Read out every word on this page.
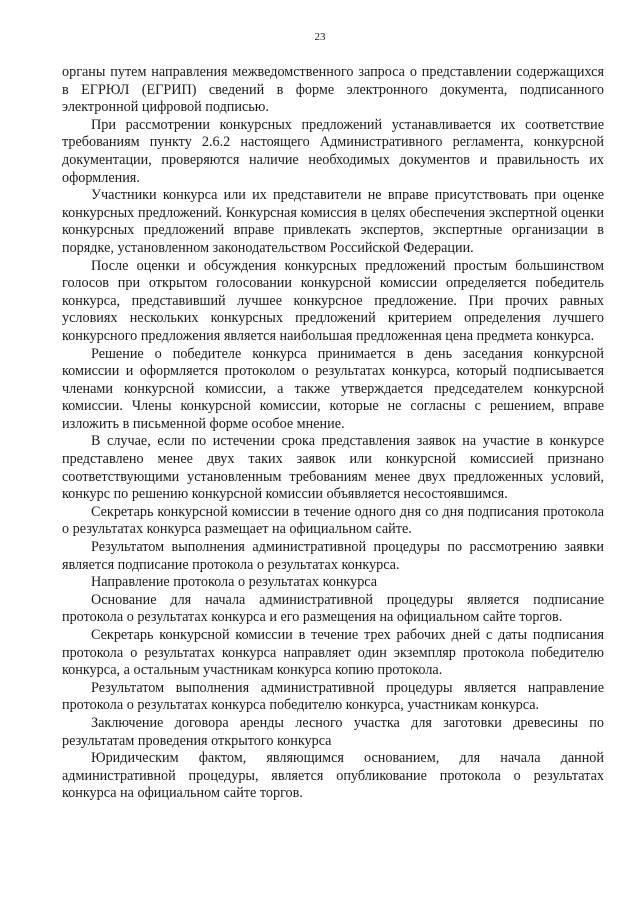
23

органы путем направления межведомственного запроса о представлении содержащихся в ЕГРЮЛ (ЕГРИП) сведений в форме электронного документа, подписанного электронной цифровой подписью.

При рассмотрении конкурсных предложений устанавливается их соответствие требованиям пункту 2.6.2 настоящего Административного регламента, конкурсной документации, проверяются наличие необходимых документов и правильность их оформления.

Участники конкурса или их представители не вправе присутствовать при оценке конкурсных предложений. Конкурсная комиссия в целях обеспечения экспертной оценки конкурсных предложений вправе привлекать экспертов, экспертные организации в порядке, установленном законодательством Российской Федерации.

После оценки и обсуждения конкурсных предложений простым большинством голосов при открытом голосовании конкурсной комиссии определяется победитель конкурса, представивший лучшее конкурсное предложение. При прочих равных условиях нескольких конкурсных предложений критерием определения лучшего конкурсного предложения является наибольшая предложенная цена предмета конкурса.

Решение о победителе конкурса принимается в день заседания конкурсной комиссии и оформляется протоколом о результатах конкурса, который подписывается членами конкурсной комиссии, а также утверждается председателем конкурсной комиссии. Члены конкурсной комиссии, которые не согласны с решением, вправе изложить в письменной форме особое мнение.

В случае, если по истечении срока представления заявок на участие в конкурсе представлено менее двух таких заявок или конкурсной комиссией признано соответствующими установленным требованиям менее двух предложенных условий, конкурс по решению конкурсной комиссии объявляется несостоявшимся.

Секретарь конкурсной комиссии в течение одного дня со дня подписания протокола о результатах конкурса размещает на официальном сайте.

Результатом выполнения административной процедуры по рассмотрению заявки является подписание протокола о результатах конкурса.

Направление протокола о результатах конкурса

Основание для начала административной процедуры является подписание протокола о результатах конкурса и его размещения на официальном сайте торгов.

Секретарь конкурсной комиссии в течение трех рабочих дней с даты подписания протокола о результатах конкурса направляет один экземпляр протокола победителю конкурса, а остальным участникам конкурса копию протокола.

Результатом выполнения административной процедуры является направление протокола о результатах конкурса победителю конкурса, участникам конкурса.

Заключение договора аренды лесного участка для заготовки древесины по результатам проведения открытого конкурса

Юридическим фактом, являющимся основанием, для начала данной административной процедуры, является опубликование протокола о результатах конкурса на официальном сайте торгов.
